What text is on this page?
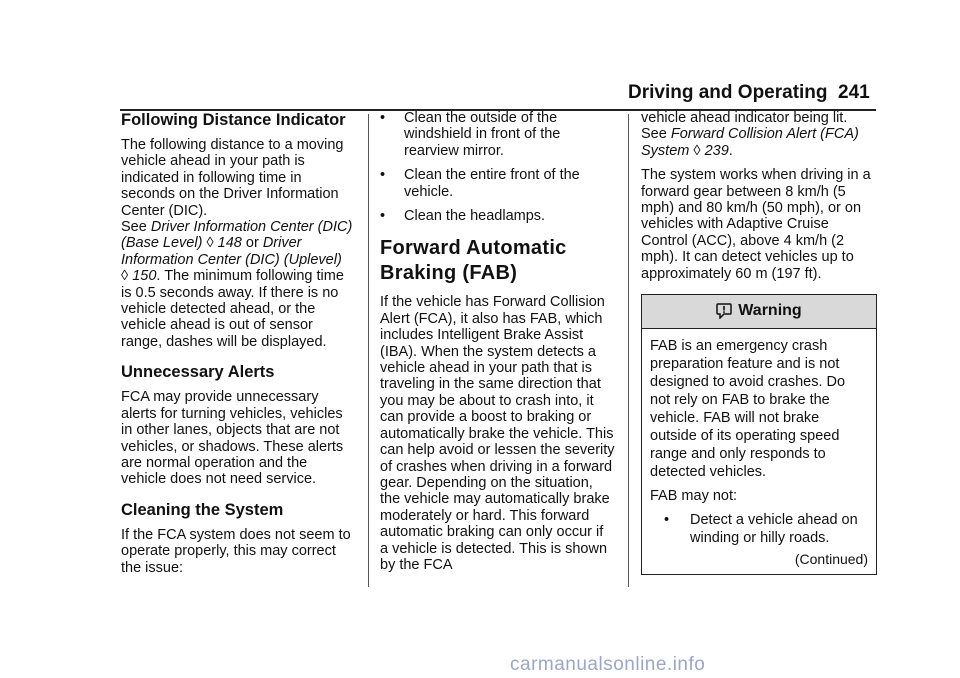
Driving and Operating 241
Following Distance Indicator

The following distance to a moving vehicle ahead in your path is indicated in following time in seconds on the Driver Information Center (DIC).
See Driver Information Center (DIC) (Base Level) ◊ 148 or Driver Information Center (DIC) (Uplevel)
◊ 150. The minimum following time is 0.5 seconds away. If there is no vehicle detected ahead, or the vehicle ahead is out of sensor range, dashes will be displayed.

Unnecessary Alerts

FCA may provide unnecessary alerts for turning vehicles, vehicles in other lanes, objects that are not vehicles, or shadows. These alerts are normal operation and the vehicle does not need service.

Cleaning the System

If the FCA system does not seem to operate properly, this may correct the issue:

•	Clean the outside of the windshield in front of the rearview mirror.
•	Clean the entire front of the vehicle.
•	Clean the headlamps.
Forward Automatic Braking (FAB)

If the vehicle has Forward Collision Alert (FCA), it also has FAB, which includes Intelligent Brake Assist (IBA). When the system detects a vehicle ahead in your path that is traveling in the same direction that you may be about to crash into, it can provide a boost to braking or automatically brake the vehicle. This can help avoid or lessen the severity of crashes when driving in a forward gear. Depending on the situation, the vehicle may automatically brake moderately or hard. This forward automatic braking can only occur if a vehicle is detected. This is shown by the FCA

vehicle ahead indicator being lit.
See Forward Collision Alert (FCA) System ◊ 239.

The system works when driving in a forward gear between 8 km/h (5 mph) and 80 km/h (50 mph), or on vehicles with Adaptive Cruise Control (ACC), above 4 km/h (2 mph). It can detect vehicles up to approximately 60 m (197 ft).

Warning

FAB is an emergency crash preparation feature and is not designed to avoid crashes. Do not rely on FAB to brake the vehicle. FAB will not brake outside of its operating speed range and only responds to detected vehicles.

FAB may not:

•	Detect a vehicle ahead on winding or hilly roads.
(Continued)
carmanualsonline.info
